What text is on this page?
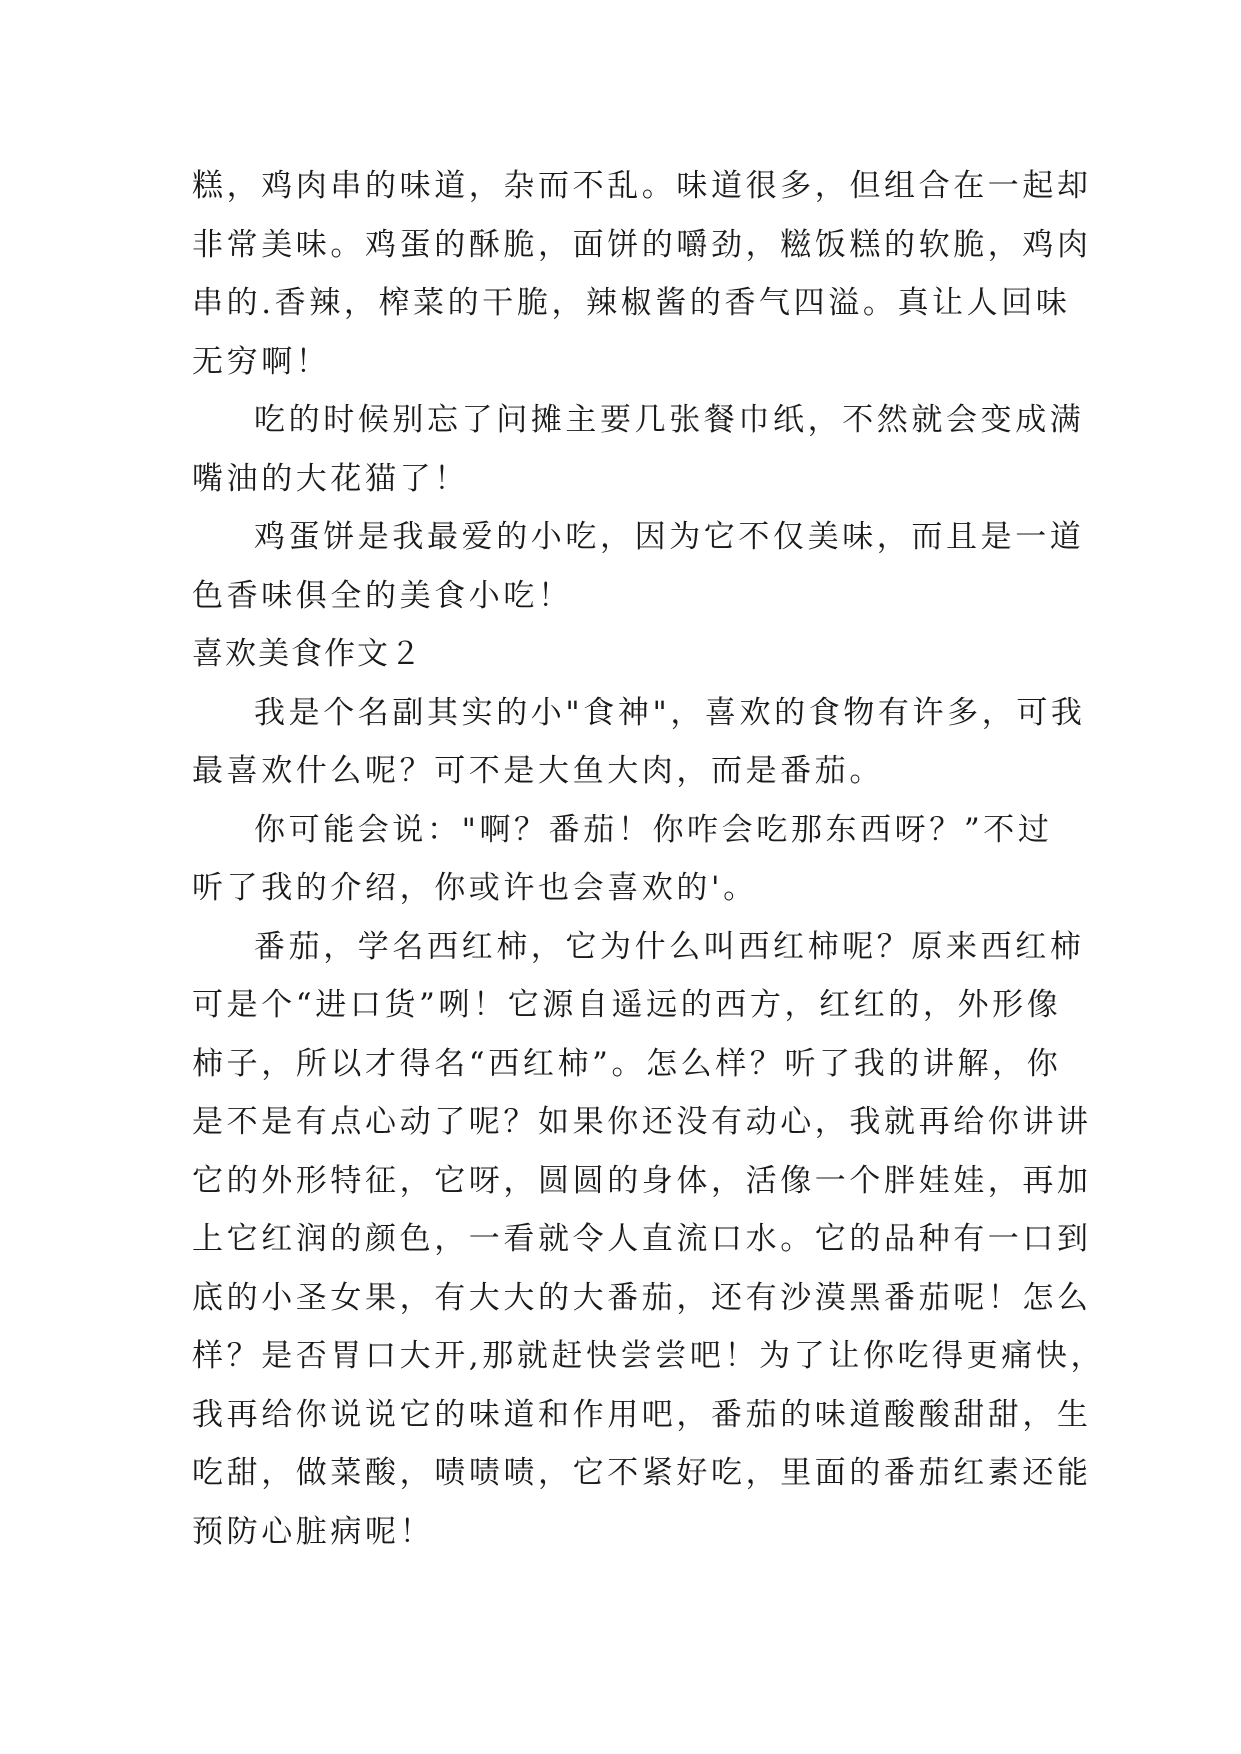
糕，鸡肉串的味道，杂而不乱。味道很多，但组合在一起却
非常美味。鸡蛋的酥脆，面饼的嚼劲，糍饭糕的软脆，鸡肉
串的.香辣，榨菜的干脆，辣椒酱的香气四溢。真让人回味
无穷啊！
吃的时候别忘了问摊主要几张餐巾纸，不然就会变成满
嘴油的大花猫了！
鸡蛋饼是我最爱的小吃，因为它不仅美味，而且是一道
色香味俱全的美食小吃！
喜欢美食作文２
我是个名副其实的小"食神"，喜欢的食物有许多，可我
最喜欢什么呢？可不是大鱼大肉，而是番茄。
你可能会说："啊？番茄！你咋会吃那东西呀？”不过
听了我的介绍，你或许也会喜欢的'。
番茄，学名西红柿，它为什么叫西红柿呢？原来西红柿
可是个“进口货”咧！它源自遥远的西方，红红的，外形像
柿子，所以才得名“西红柿”。怎么样？听了我的讲解，你
是不是有点心动了呢？如果你还没有动心，我就再给你讲讲
它的外形特征，它呀，圆圆的身体，活像一个胖娃娃，再加
上它红润的颜色，一看就令人直流口水。它的品种有一口到
底的小圣女果，有大大的大番茄，还有沙漠黑番茄呢！怎么
样？是否胃口大开,那就赶快尝尝吧！为了让你吃得更痛快，
我再给你说说它的味道和作用吧，番茄的味道酸酸甜甜，生
吃甜，做菜酸，啧啧啧，它不紧好吃，里面的番茄红素还能
预防心脏病呢！
